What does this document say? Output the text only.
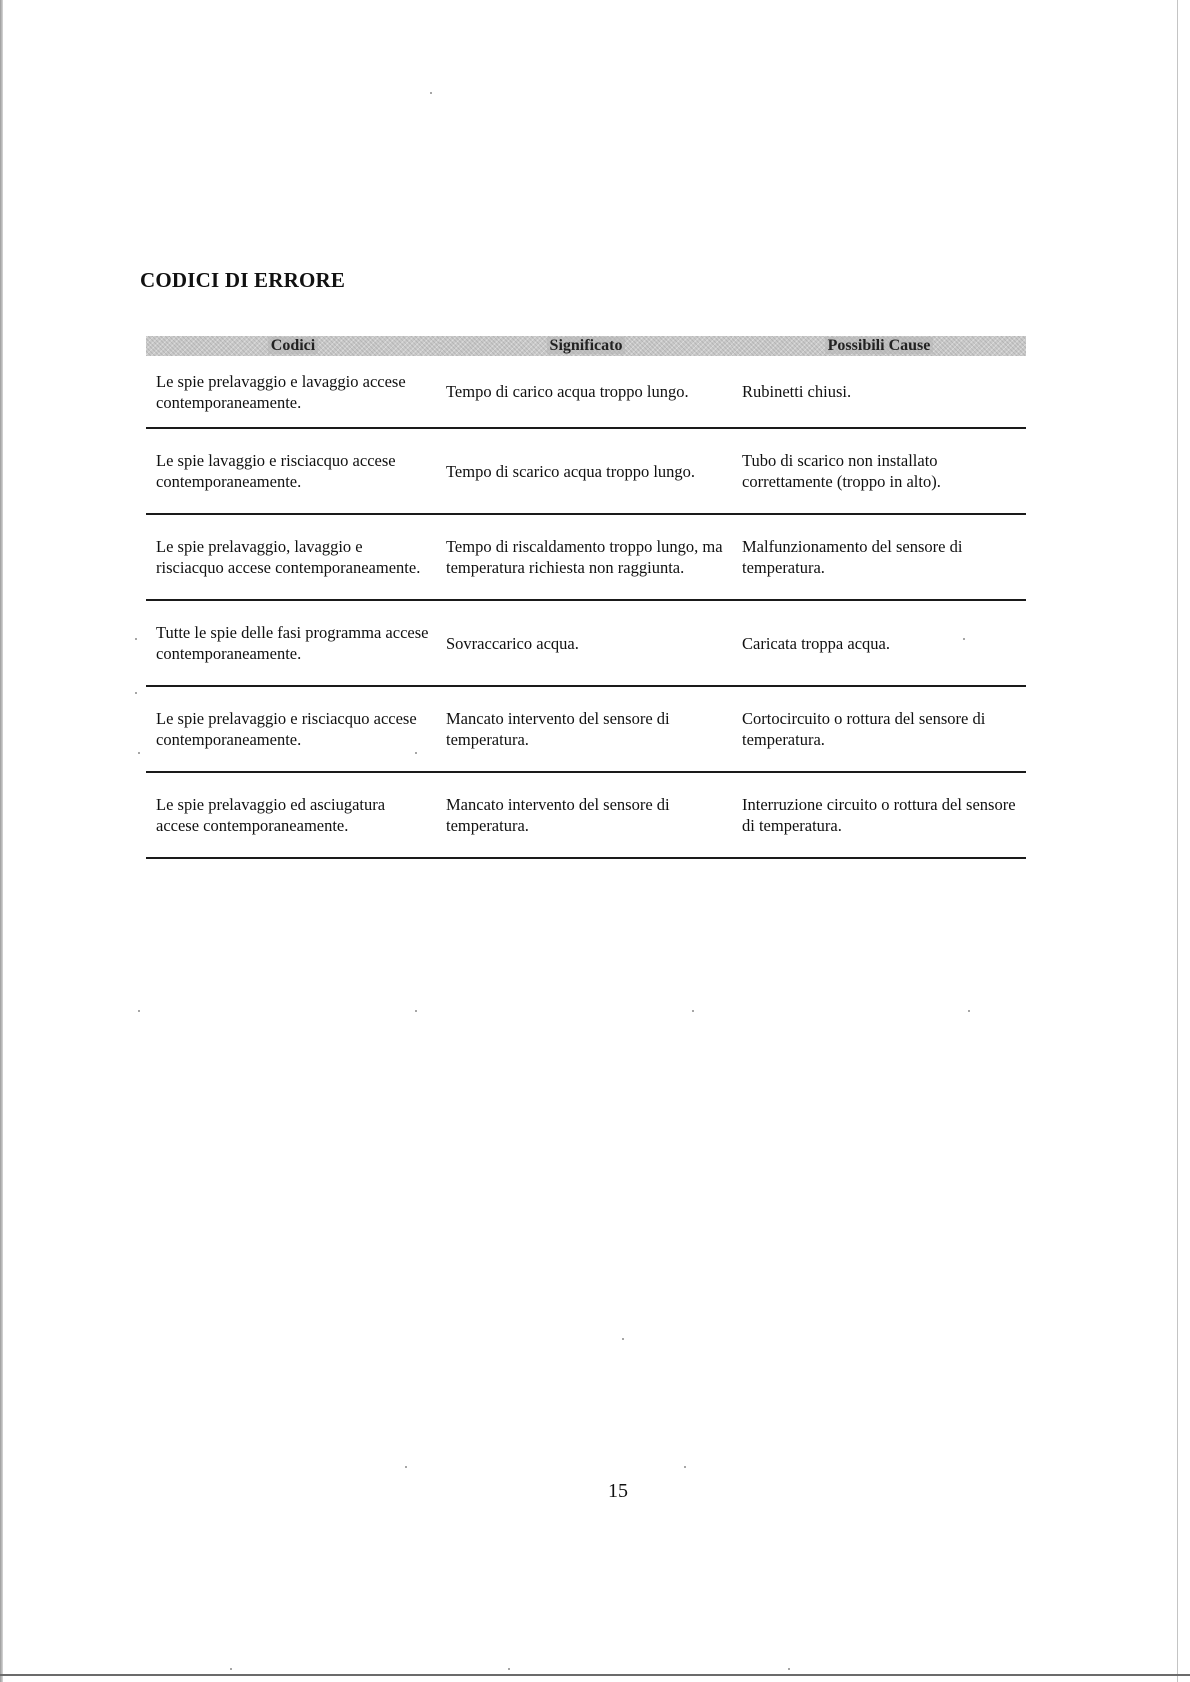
CODICI DI ERRORE
Codici	Significato	Possibili Cause
Le spie prelavaggio e lavaggio accese contemporaneamente.	Tempo di carico acqua troppo lungo.	Rubinetti chiusi.
Le spie lavaggio e risciacquo accese contemporaneamente.	Tempo di scarico acqua troppo lungo.	Tubo di scarico non installato correttamente (troppo in alto).
Le spie prelavaggio, lavaggio e risciacquo accese contemporaneamente.	Tempo di riscaldamento troppo lungo, ma temperatura richiesta non raggiunta.	Malfunzionamento del sensore di temperatura.
Tutte le spie delle fasi programma accese contemporaneamente.	Sovraccarico acqua.	Caricata troppa acqua.
Le spie prelavaggio e risciacquo accese contemporaneamente.	Mancato intervento del sensore di temperatura.	Cortocircuito o rottura del sensore di temperatura.
Le spie prelavaggio ed asciugatura accese contemporaneamente.	Mancato intervento del sensore di temperatura.	Interruzione circuito o rottura del sensore di temperatura.
15
